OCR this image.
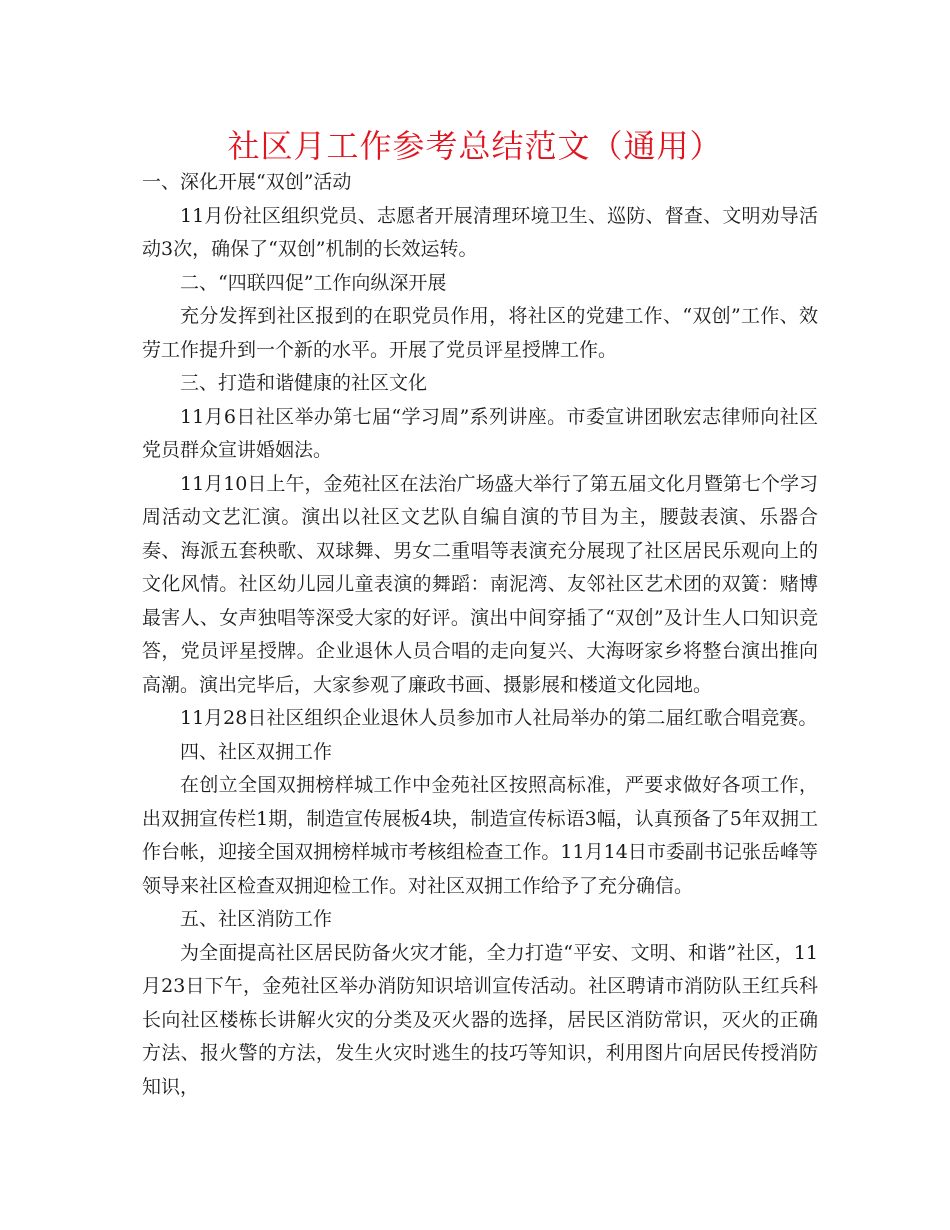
社区月工作参考总结范文（通用）

一、深化开展“双创”活动

11月份社区组织党员、志愿者开展清理环境卫生、巡防、督查、文明劝导活动3次，确保了“双创”机制的长效运转。

二、“四联四促”工作向纵深开展

充分发挥到社区报到的在职党员作用，将社区的党建工作、“双创”工作、效劳工作提升到一个新的水平。开展了党员评星授牌工作。

三、打造和谐健康的社区文化

11月6日社区举办第七届“学习周”系列讲座。市委宣讲团耿宏志律师向社区党员群众宣讲婚姻法。

11月10日上午，金苑社区在法治广场盛大举行了第五届文化月暨第七个学习周活动文艺汇演。演出以社区文艺队自编自演的节目为主，腰鼓表演、乐器合奏、海派五套秧歌、双球舞、男女二重唱等表演充分展现了社区居民乐观向上的文化风情。社区幼儿园儿童表演的舞蹈：南泥湾、友邻社区艺术团的双簧：赌博最害人、女声独唱等深受大家的好评。演出中间穿插了“双创”及计生人口知识竞答，党员评星授牌。企业退休人员合唱的走向复兴、大海呀家乡将整台演出推向高潮。演出完毕后，大家参观了廉政书画、摄影展和楼道文化园地。

11月28日社区组织企业退休人员参加市人社局举办的第二届红歌合唱竞赛。

四、社区双拥工作

在创立全国双拥榜样城工作中金苑社区按照高标准，严要求做好各项工作，出双拥宣传栏1期，制造宣传展板4块，制造宣传标语3幅，认真预备了5年双拥工作台帐，迎接全国双拥榜样城市考核组检查工作。11月14日市委副书记张岳峰等领导来社区检查双拥迎检工作。对社区双拥工作给予了充分确信。

五、社区消防工作

为全面提高社区居民防备火灾才能，全力打造“平安、文明、和谐”社区，11月23日下午，金苑社区举办消防知识培训宣传活动。社区聘请市消防队王红兵科长向社区楼栋长讲解火灾的分类及灭火器的选择，居民区消防常识，灭火的正确方法、报火警的方法，发生火灾时逃生的技巧等知识，利用图片向居民传授消防知识，
